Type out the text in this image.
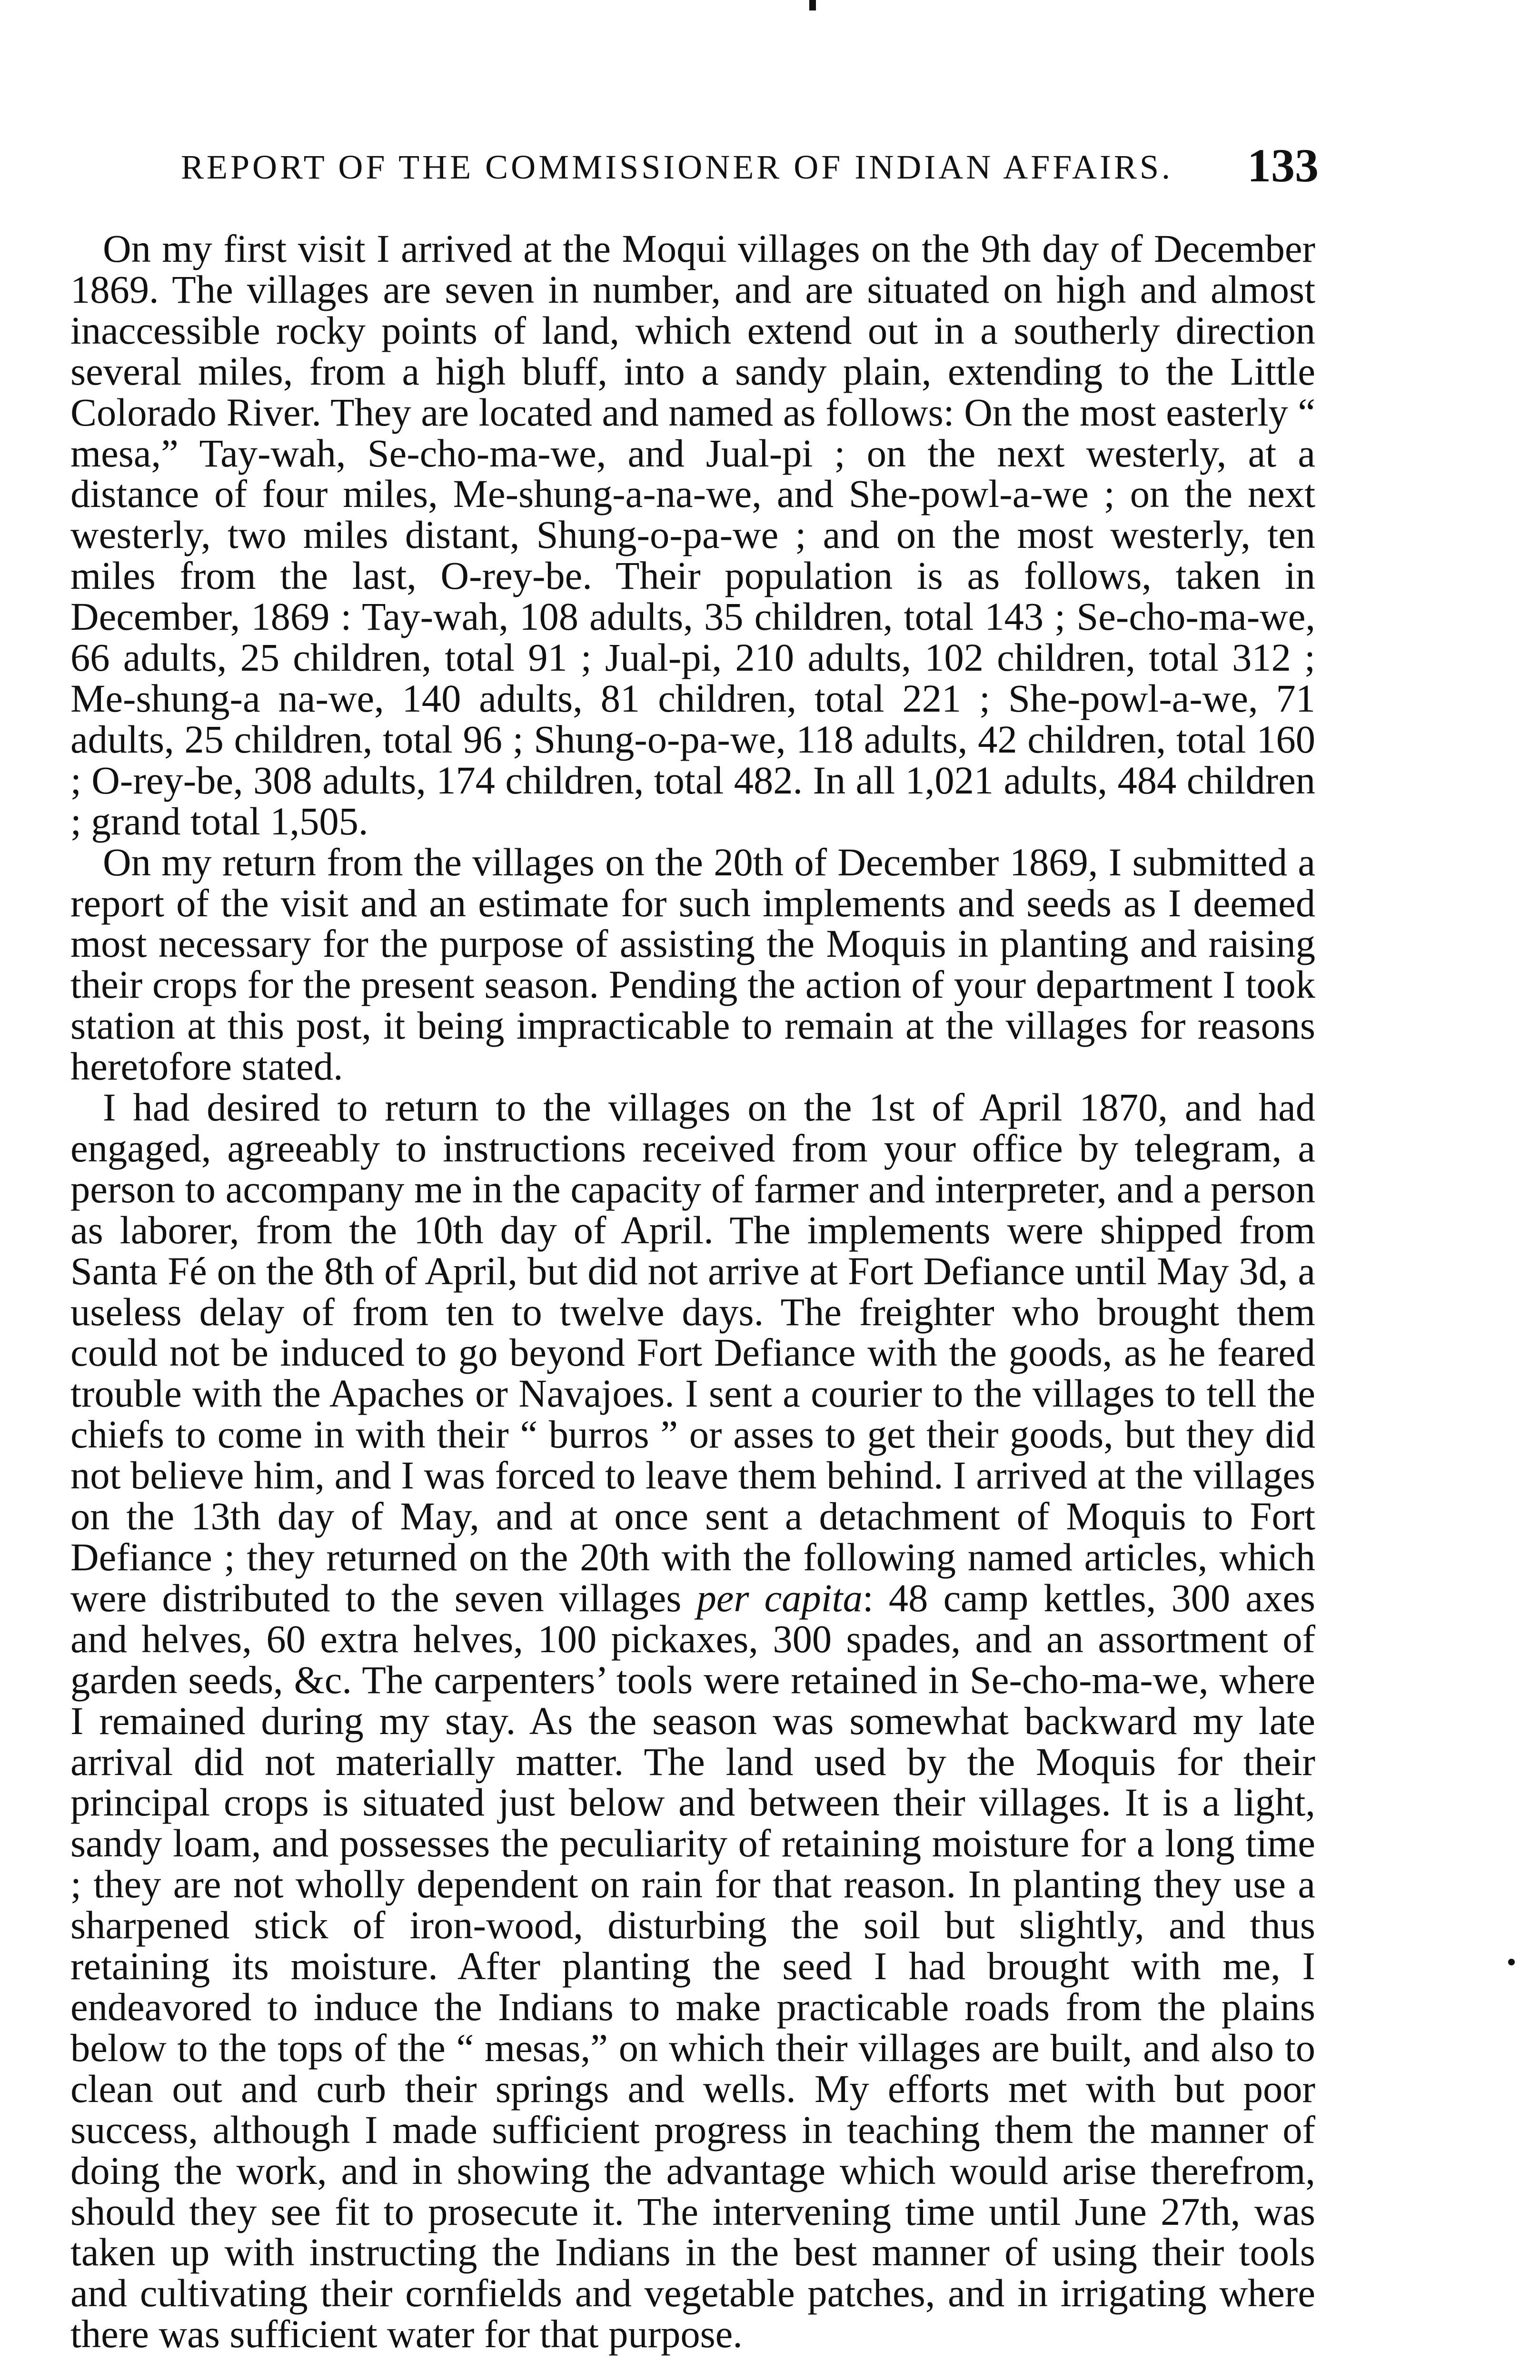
REPORT OF THE COMMISSIONER OF INDIAN AFFAIRS. 133

On my first visit I arrived at the Moqui villages on the 9th day of December 1869. The villages are seven in number, and are situated on high and almost inaccessible rocky points of land, which extend out in a southerly direction several miles, from a high bluff, into a sandy plain, extending to the Little Colorado River. They are located and named as follows: On the most easterly “ mesa,” Tay-wah, Se-cho-ma-we, and Jual-pi ; on the next westerly, at a distance of four miles, Me-shung-a-na-we, and She-powl-a-we ; on the next westerly, two miles distant, Shung-o-pa-we ; and on the most westerly, ten miles from the last, O-rey-be. Their population is as follows, taken in December, 1869 : Tay-wah, 108 adults, 35 children, total 143 ; Se-cho-ma-we, 66 adults, 25 children, total 91 ; Jual-pi, 210 adults, 102 children, total 312 ; Me-shung-a na-we, 140 adults, 81 children, total 221 ; She-powl-a-we, 71 adults, 25 children, total 96 ; Shung-o-pa-we, 118 adults, 42 children, total 160 ; O-rey-be, 308 adults, 174 children, total 482. In all 1,021 adults, 484 children ; grand total 1,505.

On my return from the villages on the 20th of December 1869, I submitted a report of the visit and an estimate for such implements and seeds as I deemed most necessary for the purpose of assisting the Moquis in planting and raising their crops for the present season. Pending the action of your department I took station at this post, it being impracticable to remain at the villages for reasons heretofore stated.

I had desired to return to the villages on the 1st of April 1870, and had engaged, agreeably to instructions received from your office by telegram, a person to accompany me in the capacity of farmer and interpreter, and a person as laborer, from the 10th day of April. The implements were shipped from Santa Fé on the 8th of April, but did not arrive at Fort Defiance until May 3d, a useless delay of from ten to twelve days. The freighter who brought them could not be induced to go beyond Fort Defiance with the goods, as he feared trouble with the Apaches or Navajoes. I sent a courier to the villages to tell the chiefs to come in with their “ burros ” or asses to get their goods, but they did not believe him, and I was forced to leave them behind. I arrived at the villages on the 13th day of May, and at once sent a detachment of Moquis to Fort Defiance ; they returned on the 20th with the following named articles, which were distributed to the seven villages per capita: 48 camp kettles, 300 axes and helves, 60 extra helves, 100 pickaxes, 300 spades, and an assortment of garden seeds, &c. The carpenters’ tools were retained in Se-cho-ma-we, where I remained during my stay. As the season was somewhat backward my late arrival did not materially matter. The land used by the Moquis for their principal crops is situated just below and between their villages. It is a light, sandy loam, and possesses the peculiarity of retaining moisture for a long time ; they are not wholly dependent on rain for that reason. In planting they use a sharpened stick of iron-wood, disturbing the soil but slightly, and thus retaining its moisture. After planting the seed I had brought with me, I endeavored to induce the Indians to make practicable roads from the plains below to the tops of the “ mesas,” on which their villages are built, and also to clean out and curb their springs and wells. My efforts met with but poor success, although I made sufficient progress in teaching them the manner of doing the work, and in showing the advantage which would arise therefrom, should they see fit to prosecute it. The intervening time until June 27th, was taken up with instructing the Indians in the best manner of using their tools and cultivating their cornfields and vegetable patches, and in irrigating where there was sufficient water for that purpose.
